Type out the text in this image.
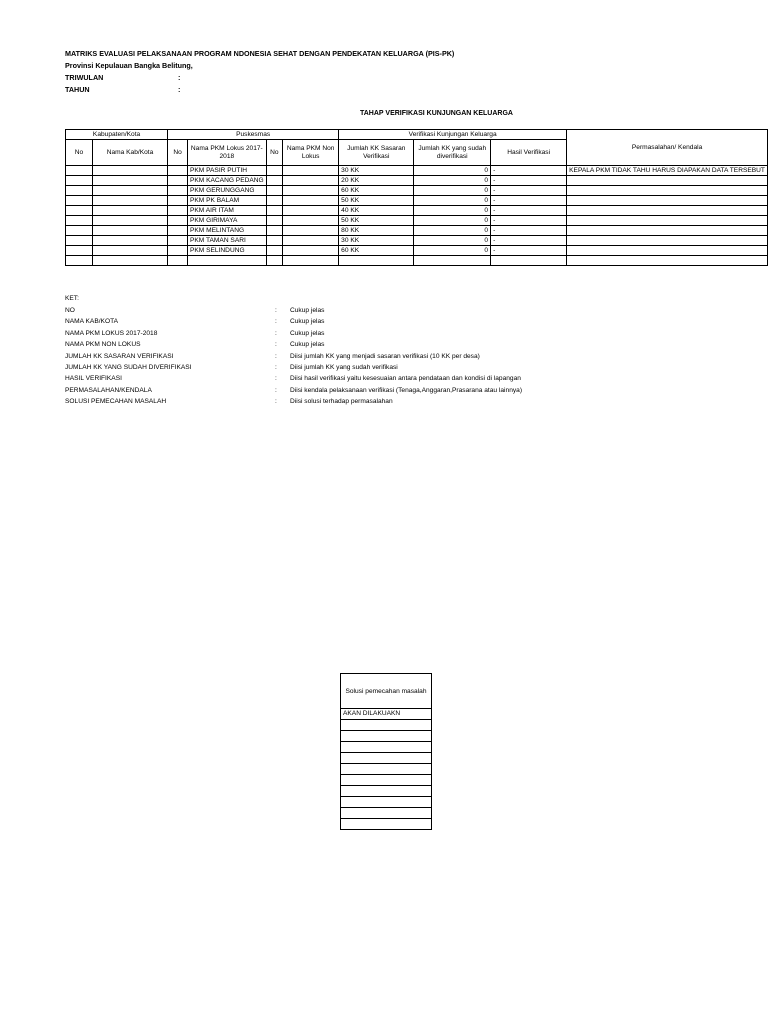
MATRIKS EVALUASI PELAKSANAAN PROGRAM NDONESIA SEHAT DENGAN PENDEKATAN KELUARGA (PIS-PK)
Provinsi Kepulauan Bangka Belitung,
TRIWULAN	:
TAHUN	:
TAHAP VERIFIKASI KUNJUNGAN KELUARGA
Kabupaten/Kota		Puskesmas				Verifikasi Kunjungan Keluarga			Permasalahan/ Kendala
No	Nama Kab/Kota	No	Nama PKM Lokus 2017-2018	No	Nama PKM Non Lokus	Jumlah KK Sasaran Verifikasi	Jumlah KK yang sudah diverifikasi	Hasil Verifikasi	
			PKM PASIR PUTIH			30 KK	0	-	KEPALA PKM TIDAK TAHU HARUS DIAPAKAN DATA TERSEBUT
			PKM KACANG PEDANG			20 KK	0	-	
			PKM GERUNGGANG			60 KK	0	-	
			PKM PK BALAM			50 KK	0	-	
			PKM AIR ITAM			40 KK	0	-	
			PKM GIRIMAYA			50 KK	0	-	
			PKM MELINTANG			80 KK	0	-	
			PKM TAMAN SARI			30 KK	0	-	
			PKM SELINDUNG			60 KK	0	-	

KET:
NO	: Cukup jelas
NAMA KAB/KOTA	: Cukup jelas
NAMA PKM LOKUS 2017-2018	: Cukup jelas
NAMA PKM NON LOKUS	: Cukup jelas
JUMLAH KK SASARAN VERIFIKASI	: Diisi jumlah KK yang menjadi sasaran verifikasi (10 KK per desa)
JUMLAH KK YANG SUDAH DIVERIFIKASI	: Diisi jumlah KK yang sudah verifikasi
HASIL VERIFIKASI	: Diisi hasil verifikasi yaitu kesesuaian antara pendataan dan kondisi di lapangan
PERMASALAHAN/KENDALA	: Diisi kendala pelaksanaan verifikasi (Tenaga,Anggaran,Prasarana atau lainnya)
SOLUSI PEMECAHAN MASALAH	: Diisi solusi terhadap permasalahan
Solusi pemecahan masalah
AKAN DILAKUAKN
